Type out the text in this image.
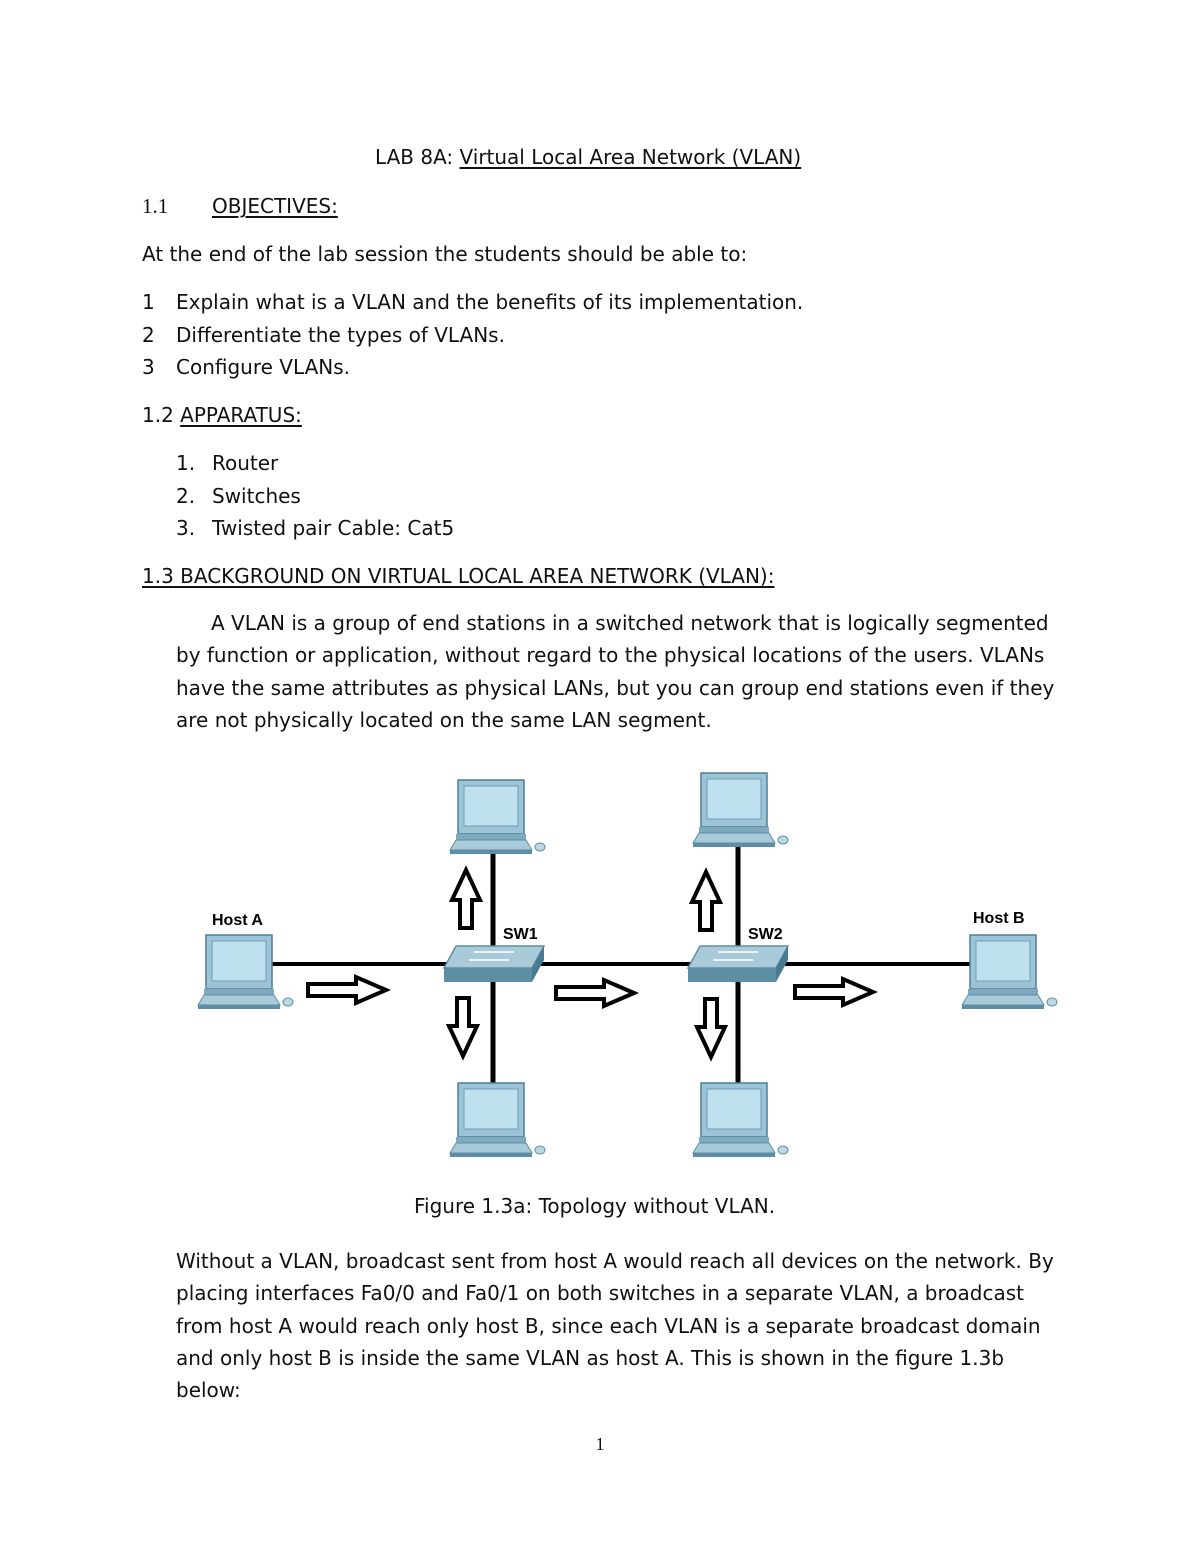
LAB 8A: Virtual Local Area Network (VLAN)
1.1 OBJECTIVES:
At the end of the lab session the students should be able to:
1 Explain what is a VLAN and the benefits of its implementation.
2 Differentiate the types of VLANs.
3 Configure VLANs.
1.2 APPARATUS:
1. Router
2. Switches
3. Twisted pair Cable: Cat5
1.3 BACKGROUND ON VIRTUAL LOCAL AREA NETWORK (VLAN):
A VLAN is a group of end stations in a switched network that is logically segmented by function or application, without regard to the physical locations of the users. VLANs have the same attributes as physical LANs, but you can group end stations even if they are not physically located on the same LAN segment.
Host A	Host B
SW1	SW2
Figure 1.3a: Topology without VLAN.
Without a VLAN, broadcast sent from host A would reach all devices on the network. By placing interfaces Fa0/0 and Fa0/1 on both switches in a separate VLAN, a broadcast from host A would reach only host B, since each VLAN is a separate broadcast domain and only host B is inside the same VLAN as host A. This is shown in the figure 1.3b below:
1
